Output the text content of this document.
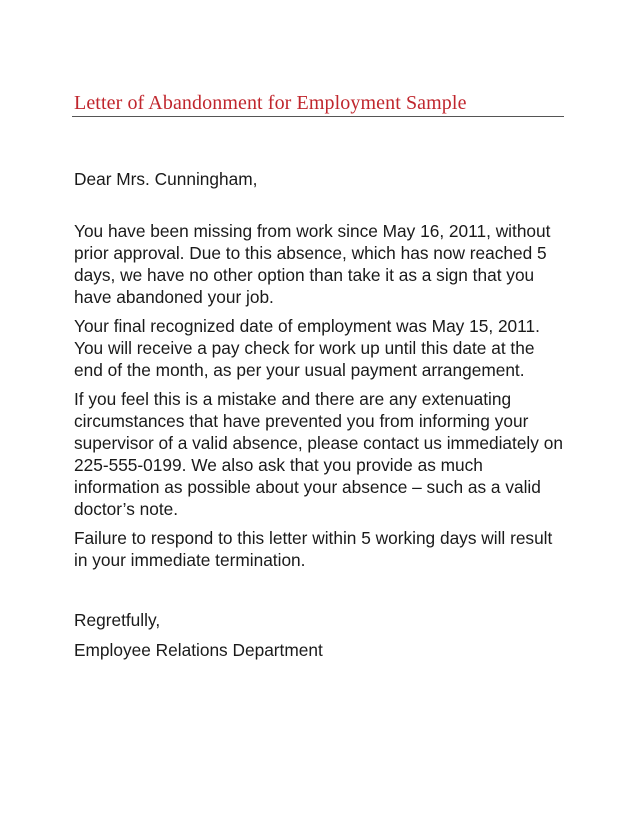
Letter of Abandonment for Employment Sample

Dear Mrs. Cunningham,

You have been missing from work since May 16, 2011, without prior approval. Due to this absence, which has now reached 5 days, we have no other option than take it as a sign that you have abandoned your job.

Your final recognized date of employment was May 15, 2011. You will receive a pay check for work up until this date at the end of the month, as per your usual payment arrangement.

If you feel this is a mistake and there are any extenuating circumstances that have prevented you from informing your supervisor of a valid absence, please contact us immediately on 225-555-0199. We also ask that you provide as much information as possible about your absence – such as a valid doctor’s note.

Failure to respond to this letter within 5 working days will result in your immediate termination.

Regretfully,

Employee Relations Department
